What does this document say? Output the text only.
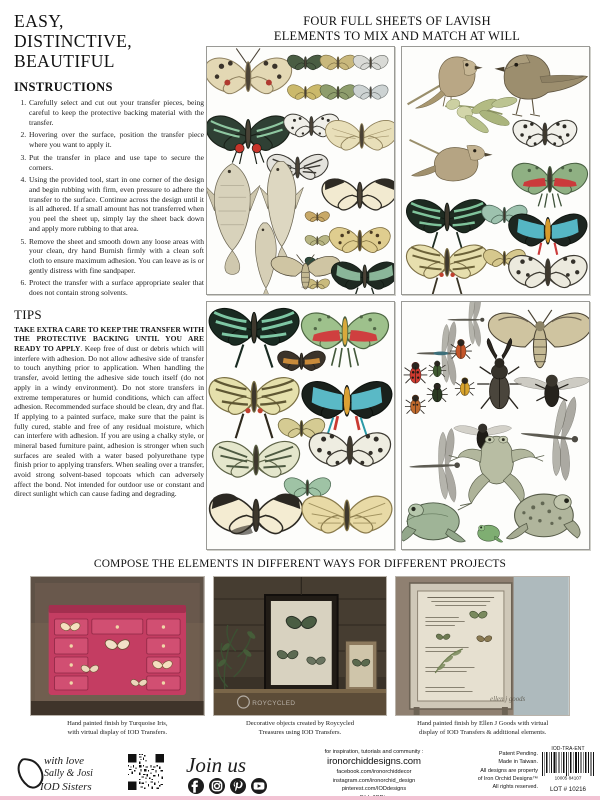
EASY,
DISTINCTIVE,
BEAUTIFUL
INSTRUCTIONS
1. Carefully select and cut out your transfer pieces, being careful to keep the protective backing material with the transfer.
2. Hovering over the surface, position the transfer piece where you want to apply it.
3. Put the transfer in place and use tape to secure the corners.
4. Using the provided tool, start in one corner of the design and begin rubbing with firm, even pressure to adhere the transfer to the surface. Continue across the design until it is all adhered. If a small amount has not transferred when you peel the sheet up, simply lay the sheet back down and apply more rubbing to that area.
5. Remove the sheet and smooth down any loose areas with your clean, dry hand Burnish firmly with a clean soft cloth to ensure maximum adhesion. You can leave as is or gently distress with fine sandpaper.
6. Protect the transfer with a surface appropriate sealer that does not contain strong solvents.
TIPS

TAKE EXTRA CARE TO KEEP THE TRANSFER WITH THE PROTECTIVE BACKING UNTIL YOU ARE READY TO APPLY. Keep free of dust or debris which will interfere with adhesion. Do not allow adhesive side of transfer to touch anything prior to application. When handling the transfer, avoid letting the adhesive side touch itself (do not apply in a windy environment). Do not store transfers in extreme temperatures or humid conditions, which can affect adhesion. Recommended surface should be clean, dry and flat. If applying to a painted surface, make sure that the paint is fully cured, stable and free of any residual moisture, which can interfere with adhesion. If you are using a chalky style, or mineral based furniture paint, adhesion is stronger when such surfaces are sealed with a water based polyurethane type finish prior to applying transfers. When sealing over a transfer, avoid strong solvent-based topcoats which can adversely affect the bond. Not intended for outdoor use or constant and direct sunlight which can cause fading and degrading.

FOUR FULL SHEETS OF LAVISH
ELEMENTS TO MIX AND MATCH AT WILL
COMPOSE THE ELEMENTS IN DIFFERENT WAYS FOR DIFFERENT PROJECTS
ROYCYCLED
ellen j goods
Hand painted finish by Turquoise Iris,
with virtual display of IOD Transfers.
Decorative objects created by Roycycled
Treasures using IOD Transfers.
Hand painted finish by Ellen J Goods with virtual
display of IOD Transfers & additional elements.
with love
Sally & Josi
IOD Sisters
Join us
for inspiration, tutorials and community :
ironorchiddesigns.com
facebook.com/ironorchiddecor
instagram.com/ironorchid_design
pinterest.com/IODdesigns
Patent Pending.
Made in Taiwan.
All designs are property
of Iron Orchid Designs™
All rights reserved.
IOD-TRA-ENT
10005 84107
LOT # 10216
